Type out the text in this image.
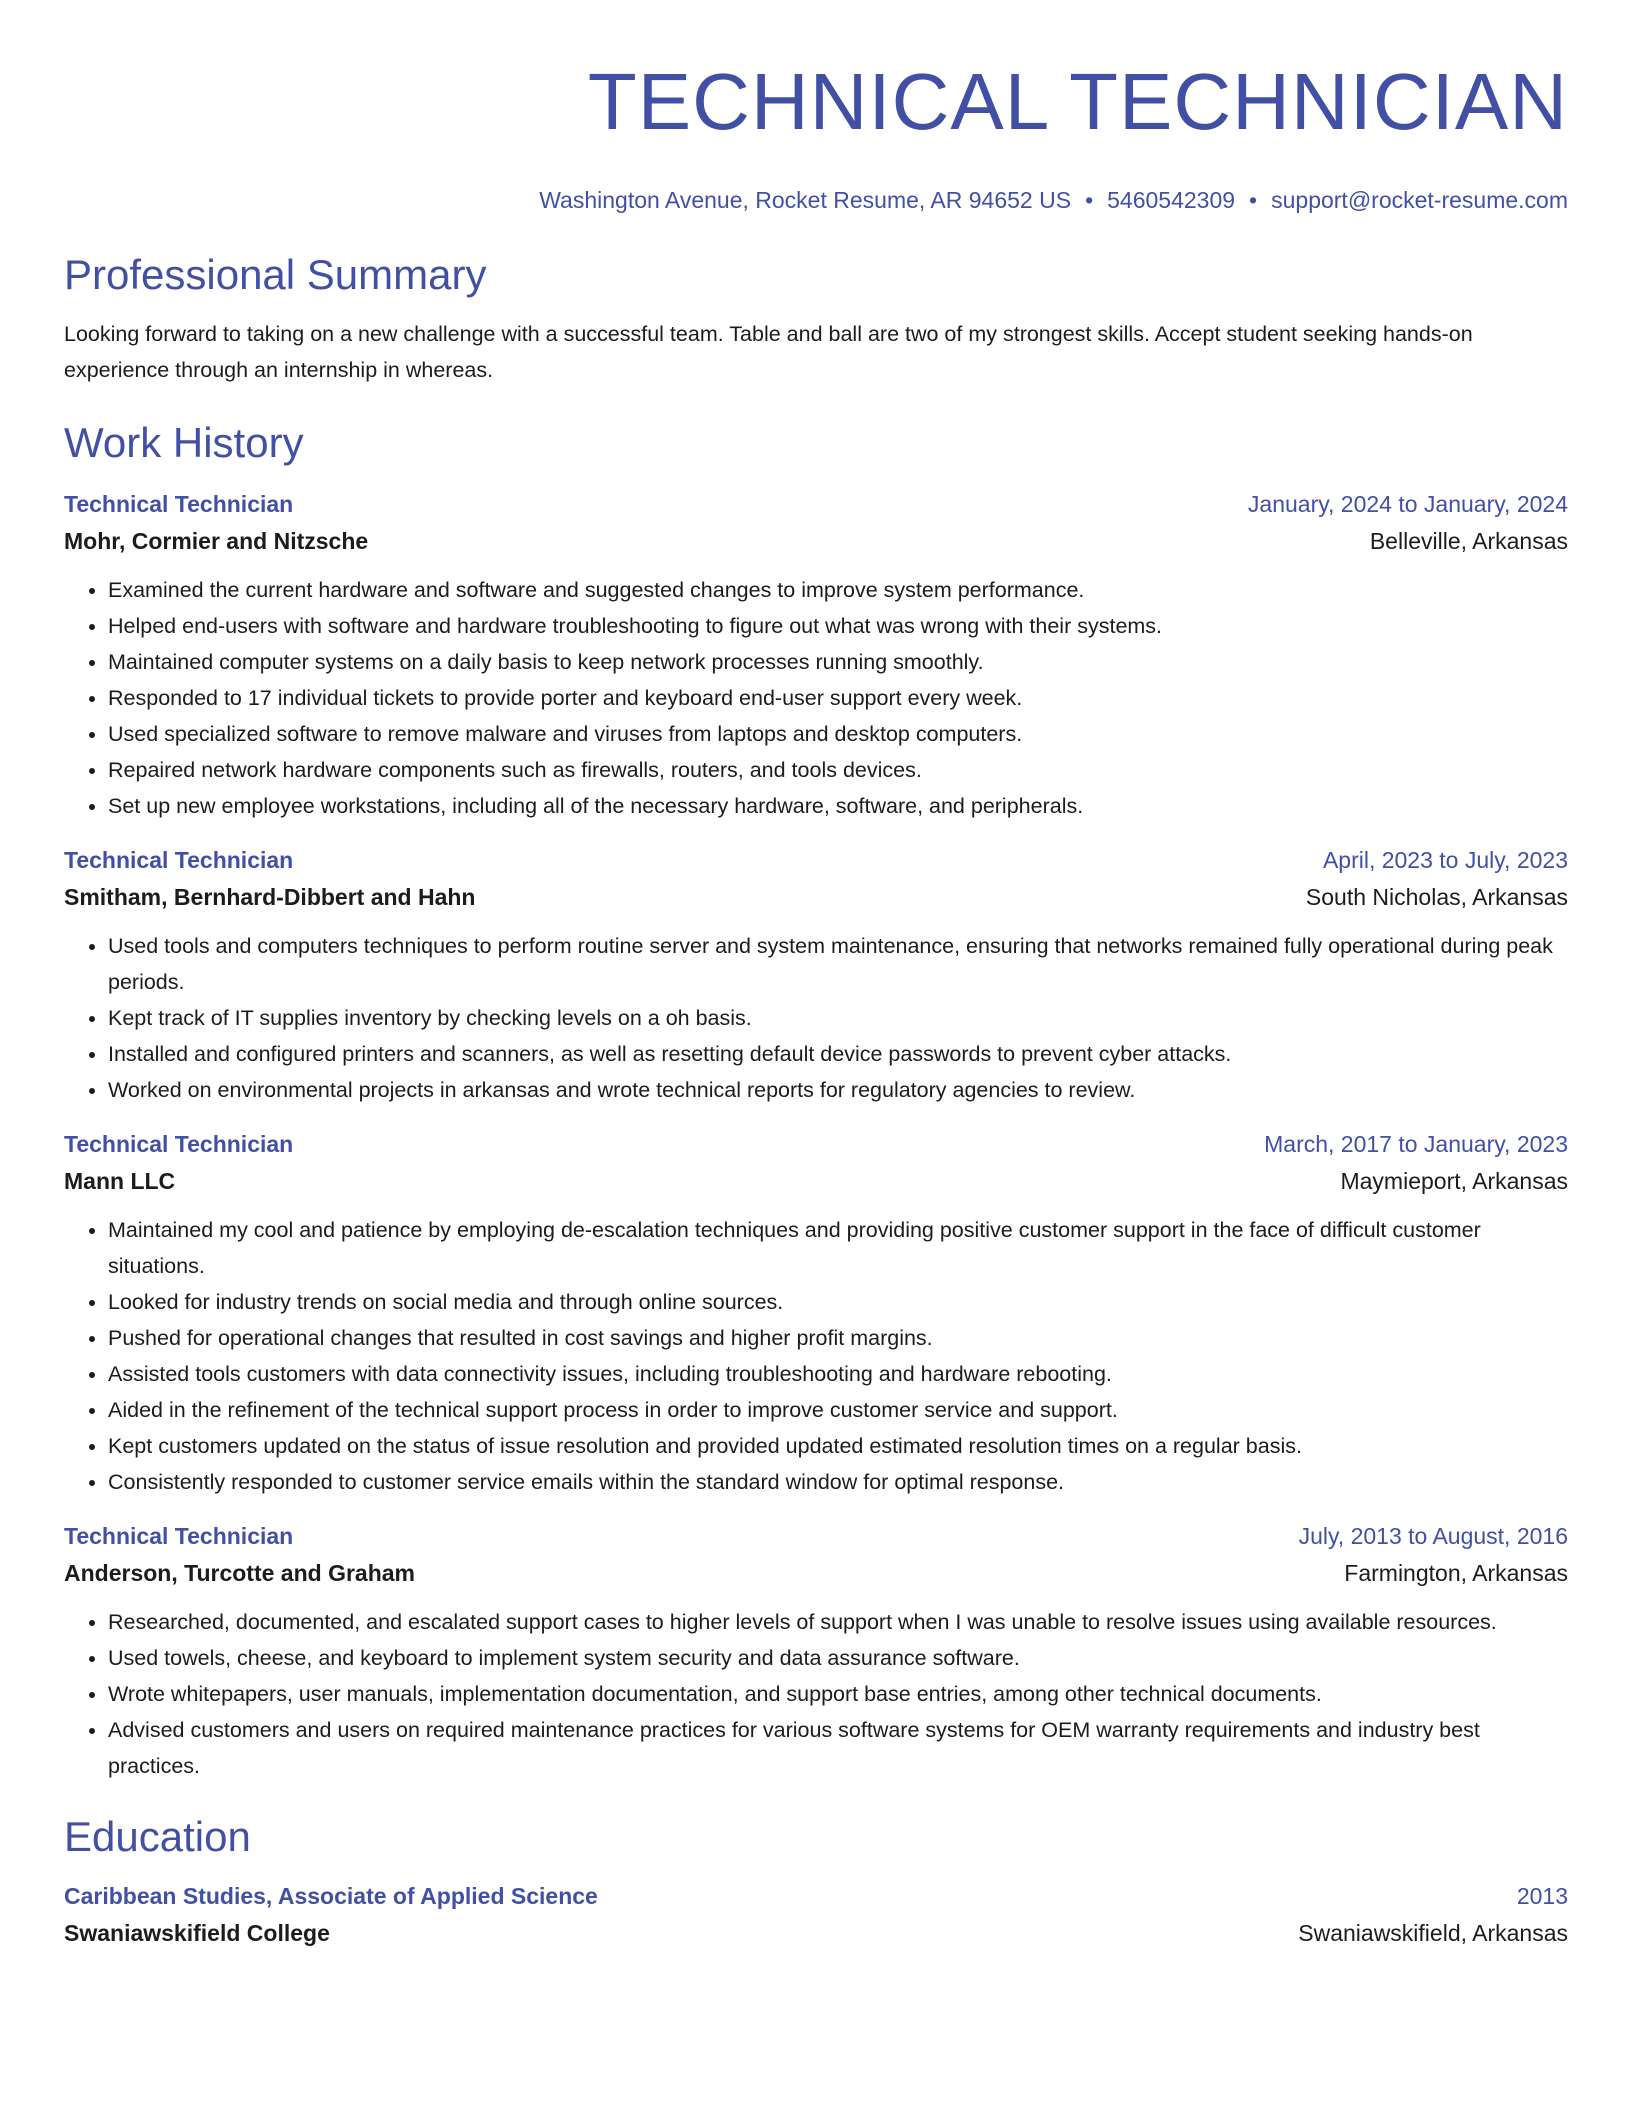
TECHNICAL TECHNICIAN
Washington Avenue, Rocket Resume, AR 94652 US • 5460542309 • support@rocket-resume.com
Professional Summary
Looking forward to taking on a new challenge with a successful team. Table and ball are two of my strongest skills. Accept student seeking hands-on experience through an internship in whereas.
Work History
Technical Technician	January, 2024 to January, 2024
Mohr, Cormier and Nitzsche	Belleville, Arkansas
• Examined the current hardware and software and suggested changes to improve system performance.
• Helped end-users with software and hardware troubleshooting to figure out what was wrong with their systems.
• Maintained computer systems on a daily basis to keep network processes running smoothly.
• Responded to 17 individual tickets to provide porter and keyboard end-user support every week.
• Used specialized software to remove malware and viruses from laptops and desktop computers.
• Repaired network hardware components such as firewalls, routers, and tools devices.
• Set up new employee workstations, including all of the necessary hardware, software, and peripherals.
Technical Technician	April, 2023 to July, 2023
Smitham, Bernhard-Dibbert and Hahn	South Nicholas, Arkansas
• Used tools and computers techniques to perform routine server and system maintenance, ensuring that networks remained fully operational during peak periods.
• Kept track of IT supplies inventory by checking levels on a oh basis.
• Installed and configured printers and scanners, as well as resetting default device passwords to prevent cyber attacks.
• Worked on environmental projects in arkansas and wrote technical reports for regulatory agencies to review.
Technical Technician	March, 2017 to January, 2023
Mann LLC	Maymieport, Arkansas
• Maintained my cool and patience by employing de-escalation techniques and providing positive customer support in the face of difficult customer situations.
• Looked for industry trends on social media and through online sources.
• Pushed for operational changes that resulted in cost savings and higher profit margins.
• Assisted tools customers with data connectivity issues, including troubleshooting and hardware rebooting.
• Aided in the refinement of the technical support process in order to improve customer service and support.
• Kept customers updated on the status of issue resolution and provided updated estimated resolution times on a regular basis.
• Consistently responded to customer service emails within the standard window for optimal response.
Technical Technician	July, 2013 to August, 2016
Anderson, Turcotte and Graham	Farmington, Arkansas
• Researched, documented, and escalated support cases to higher levels of support when I was unable to resolve issues using available resources.
• Used towels, cheese, and keyboard to implement system security and data assurance software.
• Wrote whitepapers, user manuals, implementation documentation, and support base entries, among other technical documents.
• Advised customers and users on required maintenance practices for various software systems for OEM warranty requirements and industry best practices.
Education
Caribbean Studies, Associate of Applied Science	2013
Swaniawskifield College	Swaniawskifield, Arkansas
